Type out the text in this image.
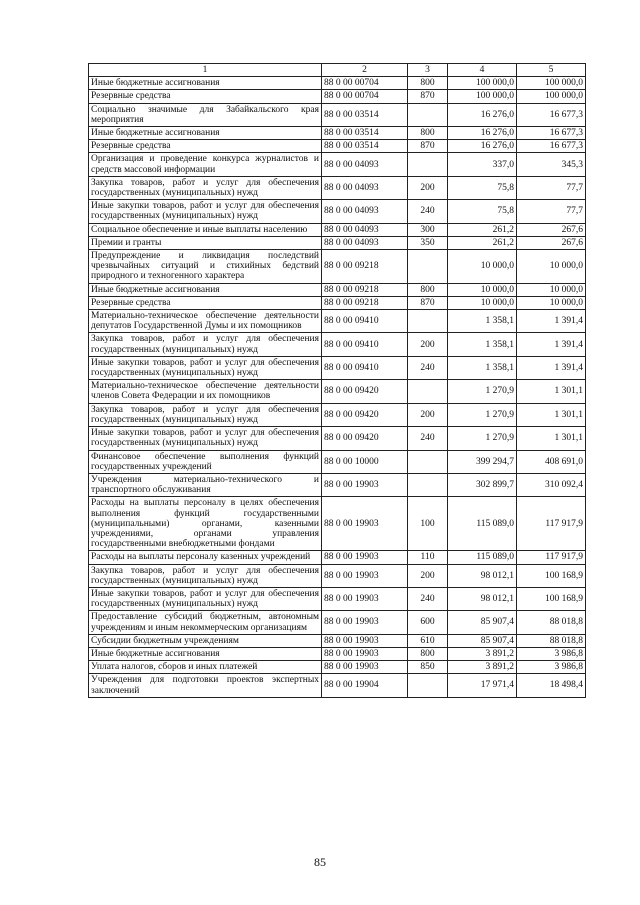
1	2	3	4	5
Иные бюджетные ассигнования	88 0 00 00704	800	100 000,0	100 000,0
Резервные средства	88 0 00 00704	870	100 000,0	100 000,0
Социально значимые для Забайкальского края мероприятия	88 0 00 03514		16 276,0	16 677,3
Иные бюджетные ассигнования	88 0 00 03514	800	16 276,0	16 677,3
Резервные средства	88 0 00 03514	870	16 276,0	16 677,3
Организация и проведение конкурса журналистов и средств массовой информации	88 0 00 04093		337,0	345,3
Закупка товаров, работ и услуг для обеспечения государственных (муниципальных) нужд	88 0 00 04093	200	75,8	77,7
Иные закупки товаров, работ и услуг для обеспечения государственных (муниципальных) нужд	88 0 00 04093	240	75,8	77,7
Социальное обеспечение и иные выплаты населению	88 0 00 04093	300	261,2	267,6
Премии и гранты	88 0 00 04093	350	261,2	267,6
Предупреждение и ликвидация последствий чрезвычайных ситуаций и стихийных бедствий природного и техногенного характера	88 0 00 09218		10 000,0	10 000,0
Иные бюджетные ассигнования	88 0 00 09218	800	10 000,0	10 000,0
Резервные средства	88 0 00 09218	870	10 000,0	10 000,0
Материально-техническое обеспечение деятельности депутатов Государственной Думы и их помощников	88 0 00 09410		1 358,1	1 391,4
Закупка товаров, работ и услуг для обеспечения государственных (муниципальных) нужд	88 0 00 09410	200	1 358,1	1 391,4
Иные закупки товаров, работ и услуг для обеспечения государственных (муниципальных) нужд	88 0 00 09410	240	1 358,1	1 391,4
Материально-техническое обеспечение деятельности членов Совета Федерации и их помощников	88 0 00 09420		1 270,9	1 301,1
Закупка товаров, работ и услуг для обеспечения государственных (муниципальных) нужд	88 0 00 09420	200	1 270,9	1 301,1
Иные закупки товаров, работ и услуг для обеспечения государственных (муниципальных) нужд	88 0 00 09420	240	1 270,9	1 301,1
Финансовое обеспечение выполнения функций государственных учреждений	88 0 00 10000		399 294,7	408 691,0
Учреждения материально-технического и транспортного обслуживания	88 0 00 19903		302 899,7	310 092,4
Расходы на выплаты персоналу в целях обеспечения выполнения функций государственными (муниципальными) органами, казенными учреждениями, органами управления государственными внебюджетными фондами	88 0 00 19903	100	115 089,0	117 917,9
Расходы на выплаты персоналу казенных учреждений	88 0 00 19903	110	115 089,0	117 917,9
Закупка товаров, работ и услуг для обеспечения государственных (муниципальных) нужд	88 0 00 19903	200	98 012,1	100 168,9
Иные закупки товаров, работ и услуг для обеспечения государственных (муниципальных) нужд	88 0 00 19903	240	98 012,1	100 168,9
Предоставление субсидий бюджетным, автономным учреждениям и иным некоммерческим организациям	88 0 00 19903	600	85 907,4	88 018,8
Субсидии бюджетным учреждениям	88 0 00 19903	610	85 907,4	88 018,8
Иные бюджетные ассигнования	88 0 00 19903	800	3 891,2	3 986,8
Уплата налогов, сборов и иных платежей	88 0 00 19903	850	3 891,2	3 986,8
Учреждения для подготовки проектов экспертных заключений	88 0 00 19904		17 971,4	18 498,4
85
